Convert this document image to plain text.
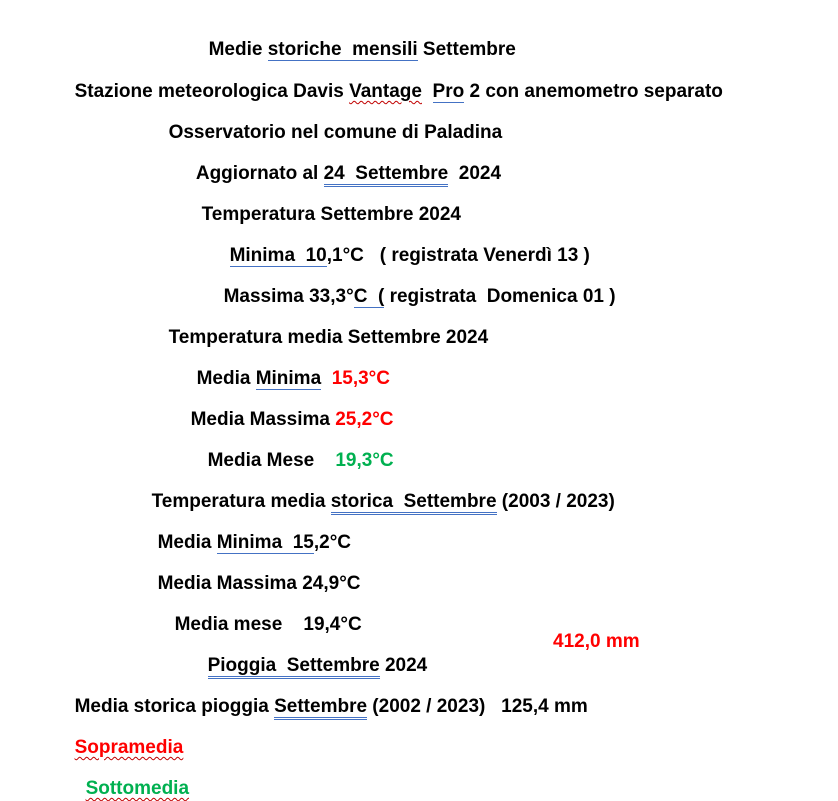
Medie storiche  mensili Settembre

Stazione meteorologica Davis Vantage Pro 2 con anemometro separato

Osservatorio nel comune di Paladina

Aggiornato al 24  Settembre  2024

Temperatura Settembre 2024

Minima  10,1°C   ( registrata Venerdì 13 )

Massima 33,3°C  ( registrata  Domenica 01 )

Temperatura media Settembre 2024

Media Minima  15,3°C

Media Massima 25,2°C

Media Mese    19,3°C

Temperatura media storica  Settembre (2003 / 2023)

Media Minima  15,2°C

Media Massima 24,9°C

Media mese    19,4°C

Pioggia  Settembre 2024

412,0 mm

Media storica pioggia Settembre (2002 / 2023)   125,4 mm

Sopramedia

Sottomedia
